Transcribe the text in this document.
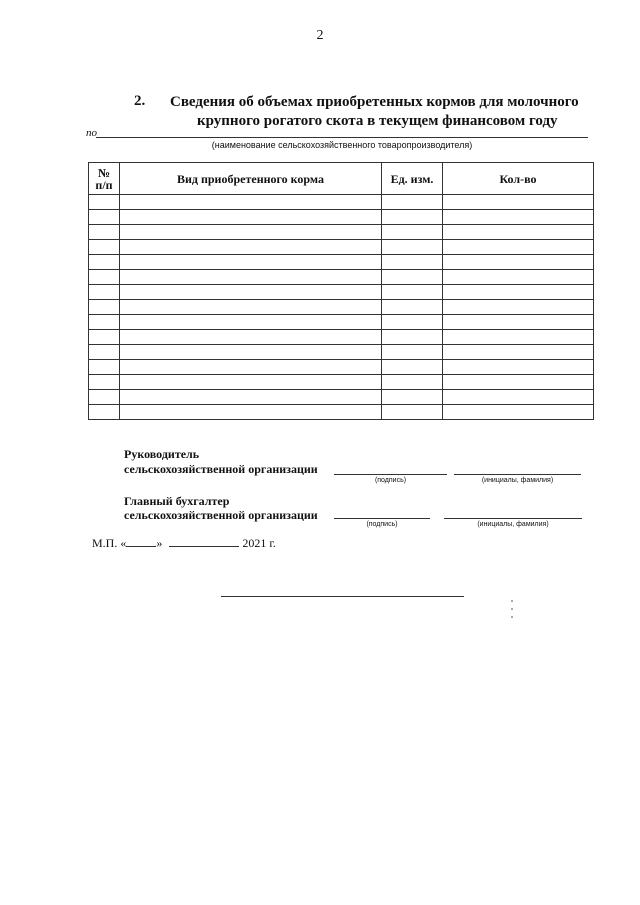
2
2. Сведения об объемах приобретенных кормов для молочного
крупного рогатого скота в текущем финансовом году
по
(наименование сельскохозяйственного товаропроизводителя)
№
п/п	Вид приобретенного корма	Ед. изм.	Кол-во

Руководитель
сельскохозяйственной организации
(подпись)	(инициалы, фамилия)
Главный бухгалтер
сельскохозяйственной организации
(подпись)	(инициалы, фамилия)
М.П. «	»	2021 г.
